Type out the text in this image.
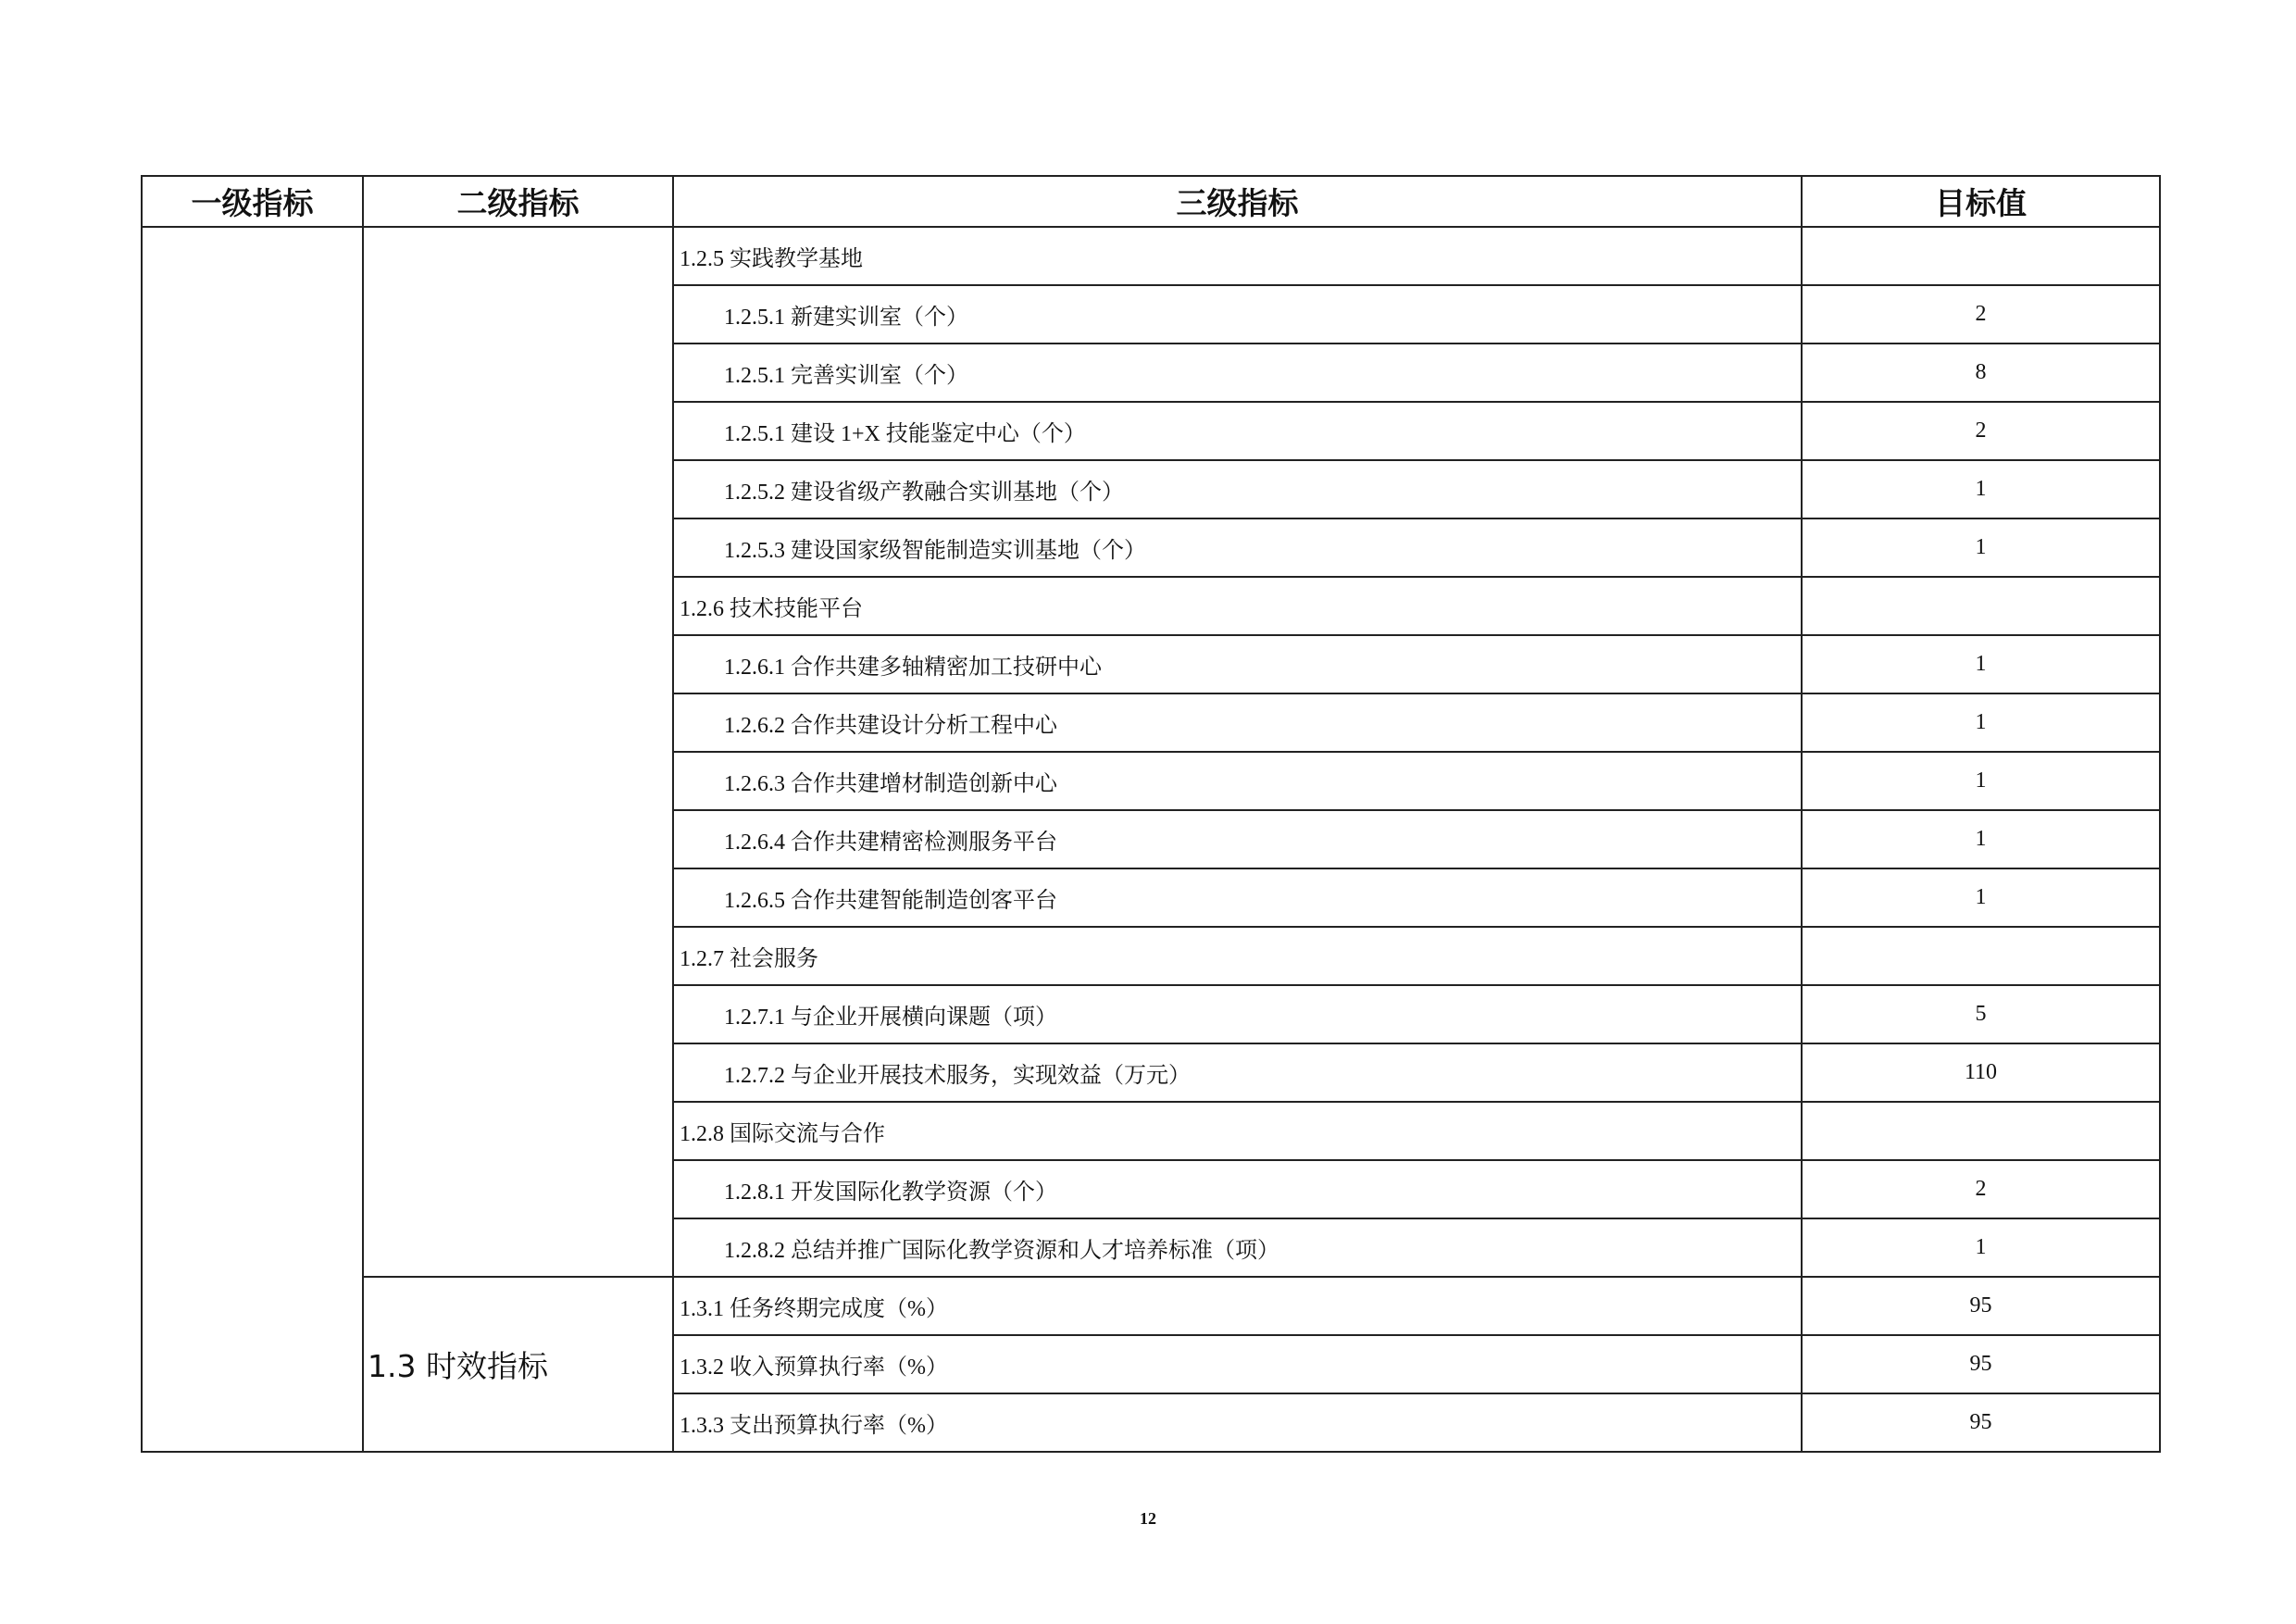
一级指标	二级指标	三级指标	目标值
		1.2.5 实践教学基地	
		1.2.5.1 新建实训室（个）	2
		1.2.5.1 完善实训室（个）	8
		1.2.5.1 建设 1+X 技能鉴定中心（个）	2
		1.2.5.2 建设省级产教融合实训基地（个）	1
		1.2.5.3 建设国家级智能制造实训基地（个）	1
		1.2.6 技术技能平台	
		1.2.6.1 合作共建多轴精密加工技研中心	1
		1.2.6.2 合作共建设计分析工程中心	1
		1.2.6.3 合作共建增材制造创新中心	1
		1.2.6.4 合作共建精密检测服务平台	1
		1.2.6.5 合作共建智能制造创客平台	1
		1.2.7 社会服务	
		1.2.7.1 与企业开展横向课题（项）	5
		1.2.7.2 与企业开展技术服务，实现效益（万元）	110
		1.2.8 国际交流与合作	
		1.2.8.1 开发国际化教学资源（个）	2
		1.2.8.2 总结并推广国际化教学资源和人才培养标准（项）	1
	1.3 时效指标	1.3.1 任务终期完成度（%）	95
		1.3.2 收入预算执行率（%）	95
		1.3.3 支出预算执行率（%）	95
12
